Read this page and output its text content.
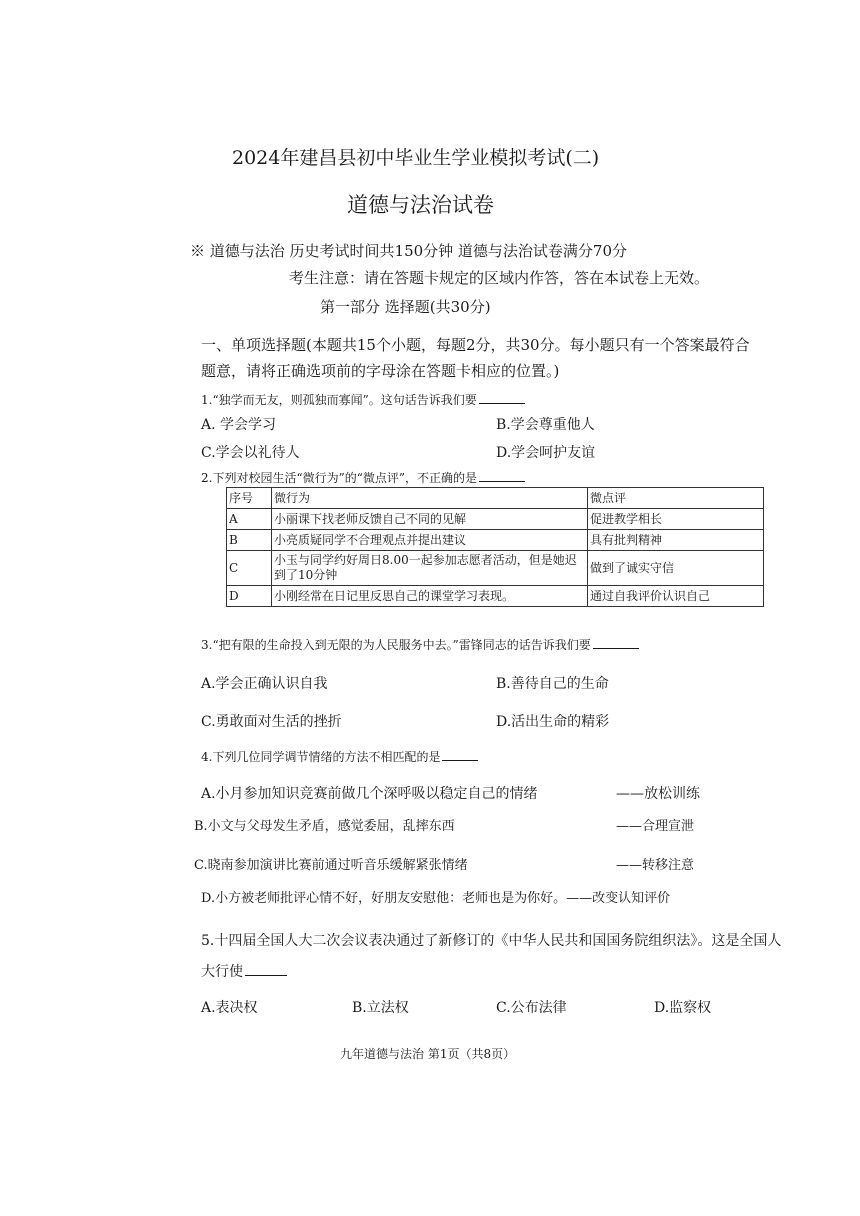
2024年建昌县初中毕业生学业模拟考试(二)
道德与法治试卷
※ 道德与法治 历史考试时间共150分钟 道德与法治试卷满分70分
考生注意：请在答题卡规定的区域内作答，答在本试卷上无效。
第一部分 选择题(共30分)
一、单项选择题(本题共15个小题，每题2分，共30分。每小题只有一个答案最符合
题意，请将正确选项前的字母涂在答题卡相应的位置。)
1.“独学而无友，则孤独而寡闻”。这句话告诉我们要
A. 学会学习	B.学会尊重他人
C.学会以礼待人	D.学会呵护友谊
2.下列对校园生活“微行为”的“微点评”，不正确的是
序号	微行为	微点评
A	小丽课下找老师反馈自己不同的见解	促进教学相长
B	小亮质疑同学不合理观点并提出建议	具有批判精神
C	小玉与同学约好周日8.00一起参加志愿者活动，但是她迟到了10分钟	做到了诚实守信
D	小刚经常在日记里反思自己的课堂学习表现。	通过自我评价认识自己
3.“把有限的生命投入到无限的为人民服务中去。”雷锋同志的话告诉我们要
A.学会正确认识自我	B.善待自己的生命
C.勇敢面对生活的挫折	D.活出生命的精彩
4.下列几位同学调节情绪的方法不相匹配的是
A.小月参加知识竞赛前做几个深呼吸以稳定自己的情绪	——放松训练
B.小文与父母发生矛盾，感觉委屈，乱摔东西	——合理宣泄
C.晓南参加演讲比赛前通过听音乐缓解紧张情绪	——转移注意
D.小方被老师批评心情不好，好朋友安慰他：老师也是为你好。——改变认知评价
5.十四届全国人大二次会议表决通过了新修订的《中华人民共和国国务院组织法》。这是全国人
大行使
A.表决权	B.立法权	C.公布法律	D.监察权
九年道德与法治 第1页（共8页）
